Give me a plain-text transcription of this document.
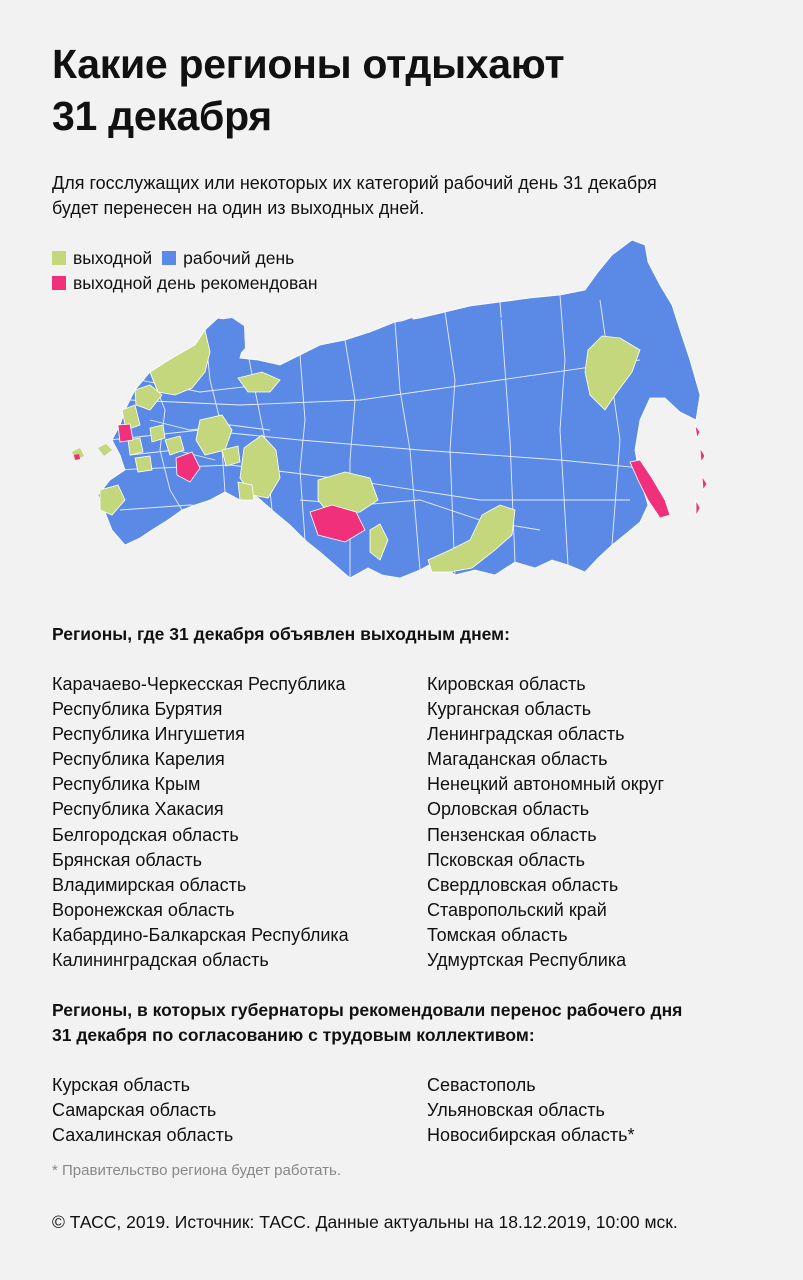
Какие регионы отдыхают
31 декабря
Для госслужащих или некоторых их категорий рабочий день 31 декабря
будет перенесен на один из выходных дней.
выходной рабочий день
выходной день рекомендован
Регионы, где 31 декабря объявлен выходным днем:
Карачаево-Черкесская Республика
Республика Бурятия
Республика Ингушетия
Республика Карелия
Республика Крым
Республика Хакасия
Белгородская область
Брянская область
Владимирская область
Воронежская область
Кабардино-Балкарская Республика
Калининградская область
Кировская область
Курганская область
Ленинградская область
Магаданская область
Ненецкий автономный округ
Орловская область
Пензенская область
Псковская область
Свердловская область
Ставропольский край
Томская область
Удмуртская Республика
Регионы, в которых губернаторы рекомендовали перенос рабочего дня
31 декабря по согласованию с трудовым коллективом:
Курская область
Самарская область
Сахалинская область
Севастополь
Ульяновская область
Новосибирская область*
* Правительство региона будет работать.
© ТАСС, 2019. Источник: ТАСС. Данные актуальны на 18.12.2019, 10:00 мск.
